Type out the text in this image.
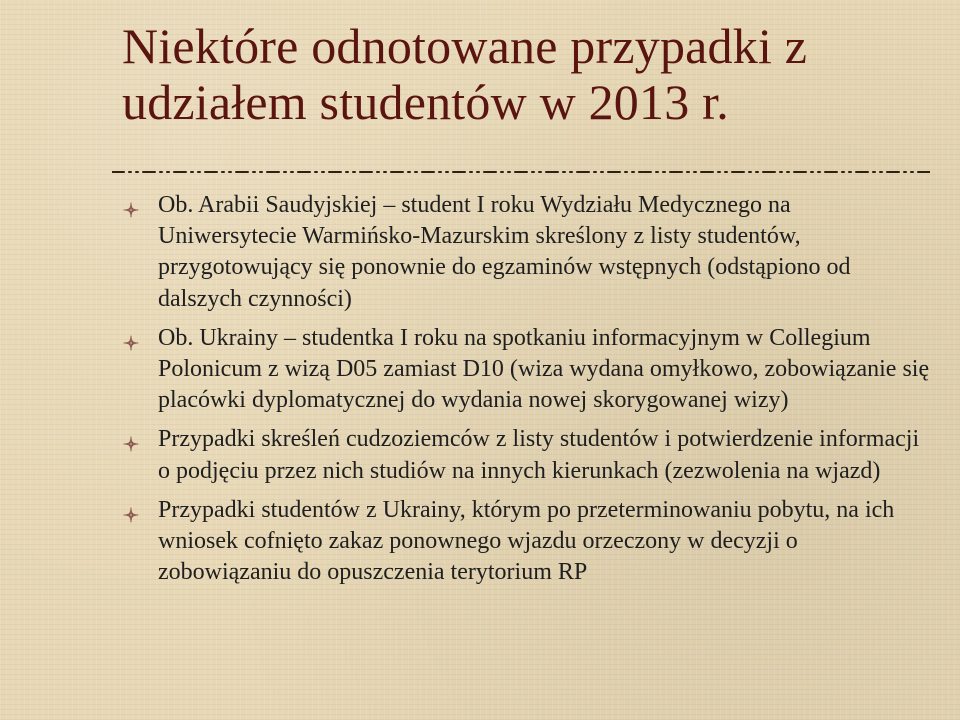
Niektóre odnotowane przypadki z
udziałem studentów w 2013 r.
Ob. Arabii Saudyjskiej – student I roku Wydziału Medycznego na Uniwersytecie Warmińsko-Mazurskim skreślony z listy studentów, przygotowujący się ponownie do egzaminów wstępnych (odstąpiono od dalszych czynności)
Ob. Ukrainy – studentka I roku na spotkaniu informacyjnym w Collegium Polonicum z wizą D05 zamiast D10 (wiza wydana omyłkowo, zobowiązanie się placówki dyplomatycznej do wydania nowej skorygowanej wizy)
Przypadki skreśleń cudzoziemców z listy studentów i potwierdzenie informacji o podjęciu przez nich studiów na innych kierunkach (zezwolenia na wjazd)
Przypadki studentów z Ukrainy, którym po przeterminowaniu pobytu, na ich wniosek cofnięto zakaz ponownego wjazdu orzeczony w decyzji o zobowiązaniu do opuszczenia terytorium RP
